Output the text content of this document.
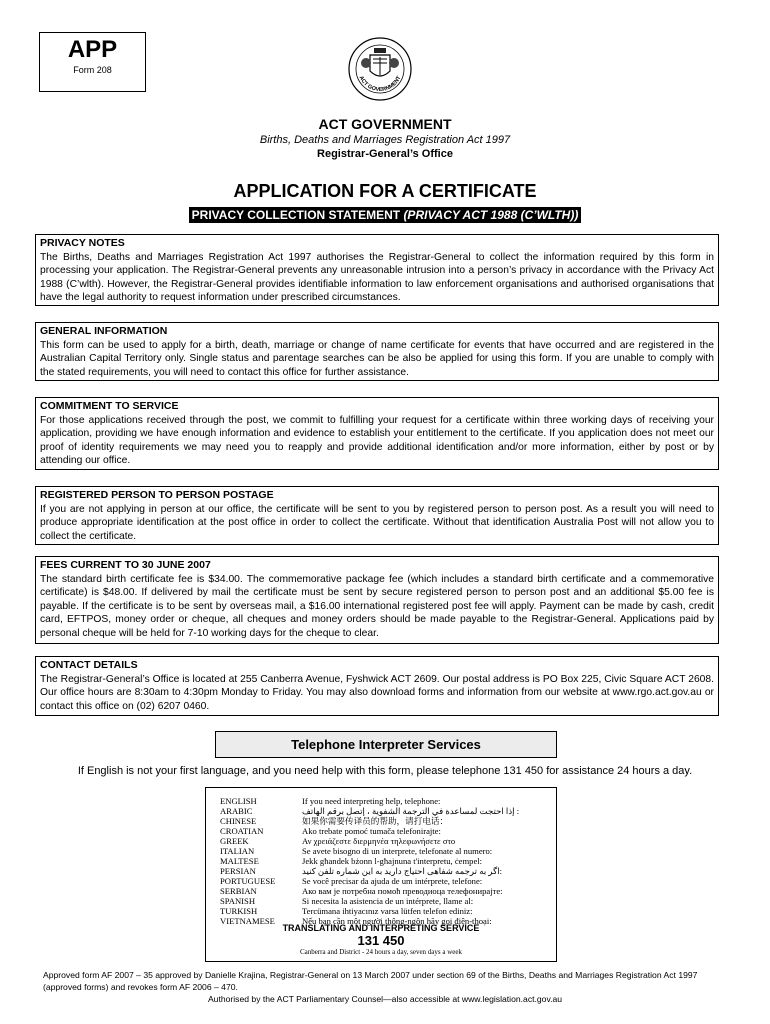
APP
Form 208
ACT GOVERNMENT
ACT GOVERNMENT
Births, Deaths and Marriages Registration Act 1997
Registrar-General’s Office
APPLICATION FOR A CERTIFICATE
PRIVACY COLLECTION STATEMENT (PRIVACY ACT 1988 (C’WLTH))
PRIVACY NOTES

The Births, Deaths and Marriages Registration Act 1997 authorises the Registrar-General to collect the information required by this form in processing your application. The Registrar-General prevents any unreasonable intrusion into a person’s privacy in accordance with the Privacy Act 1988 (C’wlth). However, the Registrar-General provides identifiable information to law enforcement organisations and authorised organisations that have the legal authority to request information under prescribed circumstances.

GENERAL INFORMATION

This form can be used to apply for a birth, death, marriage or change of name certificate for events that have occurred and are registered in the Australian Capital Territory only. Single status and parentage searches can be also be applied for using this form. If you are unable to comply with the stated requirements, you will need to contact this office for further assistance.

COMMITMENT TO SERVICE

For those applications received through the post, we commit to fulfilling your request for a certificate within three working days of receiving your application, providing we have enough information and evidence to establish your entitlement to the certificate. If you application does not meet our proof of identity requirements we may need you to reapply and provide additional identification and/or more information, either by post or by attending our office.

REGISTERED PERSON TO PERSON POSTAGE

If you are not applying in person at our office, the certificate will be sent to you by registered person to person post. As a result you will need to produce appropriate identification at the post office in order to collect the certificate. Without that identification Australia Post will not allow you to collect the certificate.

FEES CURRENT TO 30 JUNE 2007

The standard birth certificate fee is $34.00. The commemorative package fee (which includes a standard birth certificate and a commemorative certificate) is $48.00. If delivered by mail the certificate must be sent by secure registered person to person post and an additional $5.00 fee is payable. If the certificate is to be sent by overseas mail, a $16.00 international registered post fee will apply. Payment can be made by cash, credit card, EFTPOS, money order or cheque, all cheques and money orders should be made payable to the Registrar-General. Applications paid by personal cheque will be held for 7-10 working days for the cheque to clear.

CONTACT DETAILS

The Registrar-General’s Office is located at 255 Canberra Avenue, Fyshwick ACT 2609. Our postal address is PO Box 225, Civic Square ACT 2608. Our office hours are 8:30am to 4:30pm Monday to Friday. You may also download forms and information from our website at www.rgo.act.gov.au or contact this office on (02) 6207 0460.

Telephone Interpreter Services
If English is not your first language, and you need help with this form, please telephone 131 450 for assistance 24 hours a day.
ENGLISH	If you need interpreting help, telephone:
ARABIC	إذا احتجت لمساعدة في الترجمة الشفوية ، إتصل برقم الهاتف :
CHINESE	如果你需要传译员的帮助，请打电话：
CROATIAN	Ako trebate pomoć tumača telefonirajte:
GREEK	Αν χρειάζεστε διερμηνέα τηλεφωνήσετε στο
ITALIAN	Se avete bisogno di un interprete, telefonate al numero:
MALTESE	Jekk għandek bżonn l-għajnuna t'interpretu, ċempel:
PERSIAN	اگر به ترجمه شفاهی احتیاج دارید به این شماره تلفن کنید:
PORTUGUESE	Se você precisar da ajuda de um intérprete, telefone:
SERBIAN	Ако вам је потребна помоћ преводиоца телефонирајте:
SPANISH	Si necesita la asistencia de un intérprete, llame al:
TURKISH	Tercümana ihtiyacınız varsa lütfen telefon ediniz:
VIETNAMESE	Nếu bạn cần một người thông-ngôn hãy gọi điện-thoại:
TRANSLATING AND INTERPRETING SERVICE
131 450
Canberra and District - 24 hours a day, seven days a week
Approved form AF 2007 – 35 approved by Danielle Krajina, Registrar-General on 13 March 2007 under section 69 of the Births, Deaths and Marriages Registration Act 1997
(approved forms) and revokes form AF 2006 – 470.
Authorised by the ACT Parliamentary Counsel—also accessible at www.legislation.act.gov.au
